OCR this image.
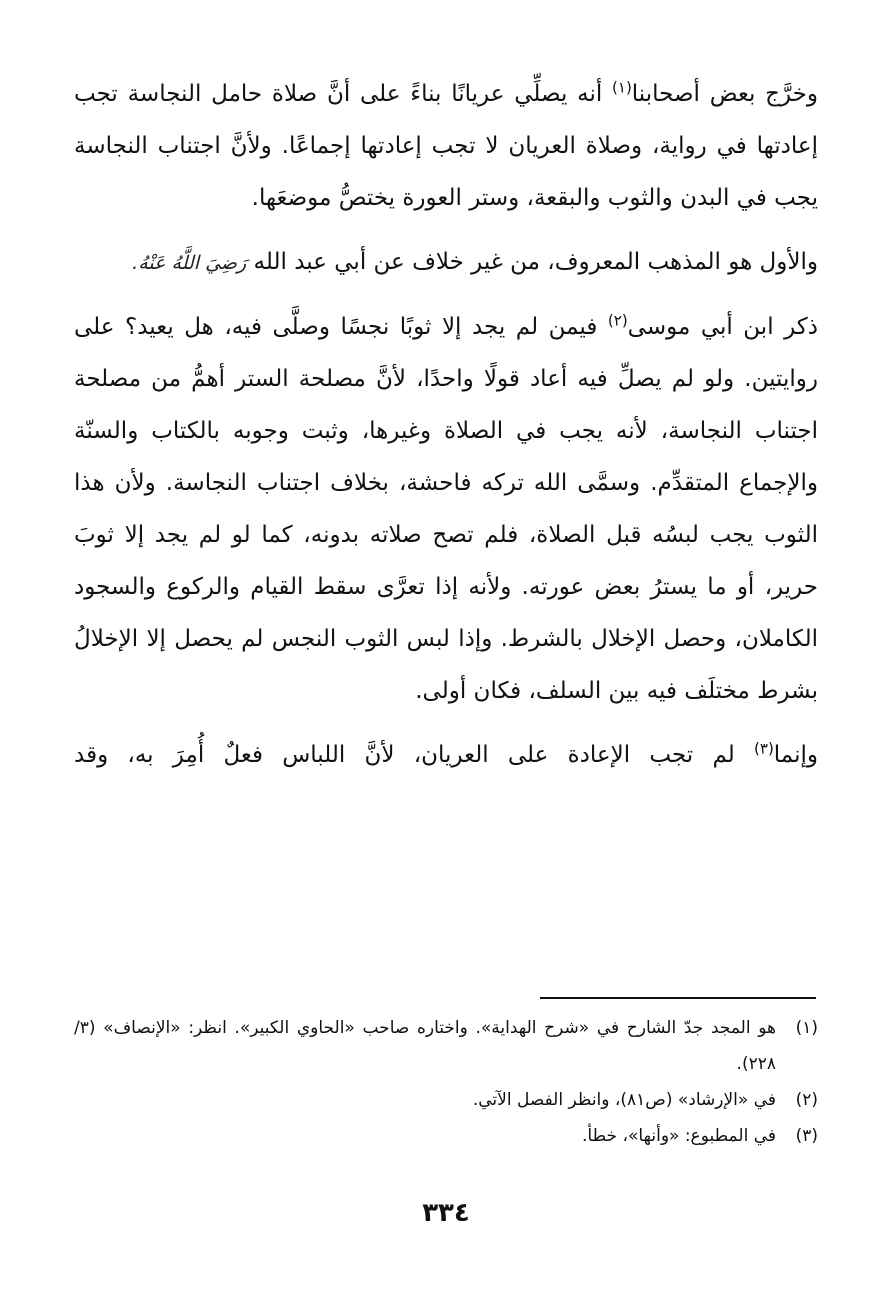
وخرَّج بعض أصحابنا$^{(١)}$ أنه يصلِّي عريانًا بناءً على أنَّ صلاة حامل النجاسة تجب إعادتها في رواية، وصلاة العريان لا تجب إعادتها إجماعًا. ولأنَّ اجتناب النجاسة يجب في البدن والثوب والبقعة، وستر العورة يختصُّ موضعَها.

والأول هو المذهب المعروف، من غير خلاف عن أبي عبد الله رَضِيَ اللَّهُ عَنْهُ.

ذكر ابن أبي موسى$^{(٢)}$ فيمن لم يجد إلا ثوبًا نجسًا وصلَّى فيه، هل يعيد؟ على روايتين. ولو لم يصلِّ فيه أعاد قولًا واحدًا، لأنَّ مصلحة الستر أهمُّ من مصلحة اجتناب النجاسة، لأنه يجب في الصلاة وغيرها، وثبت وجوبه بالكتاب والسنّة والإجماع المتقدِّم. وسمَّى الله تركه فاحشة، بخلاف اجتناب النجاسة. ولأن هذا الثوب يجب لبسُه قبل الصلاة، فلم تصح صلاته بدونه، كما لو لم يجد إلا ثوبَ حرير، أو ما يسترُ بعض عورته. ولأنه إذا تعرَّى سقط القيام والركوع والسجود الكاملان، وحصل الإخلال بالشرط. وإذا لبس الثوب النجس لم يحصل إلا الإخلالُ بشرط مختلَف فيه بين السلف، فكان أولى.

وإنما$^{(٣)}$ لم تجب الإعادة على العريان، لأنَّ اللباس فعلٌ أُمِرَ به، وقد

(١)
هو المجد جدّ الشارح في «شرح الهداية». واختاره صاحب «الحاوي الكبير». انظر: «الإنصاف» (٣/ ٢٢٨).

(٢)
في «الإرشاد» (ص٨١)، وانظر الفصل الآتي.

(٣)
في المطبوع: «وأنها»، خطأ.

٣٣٤
